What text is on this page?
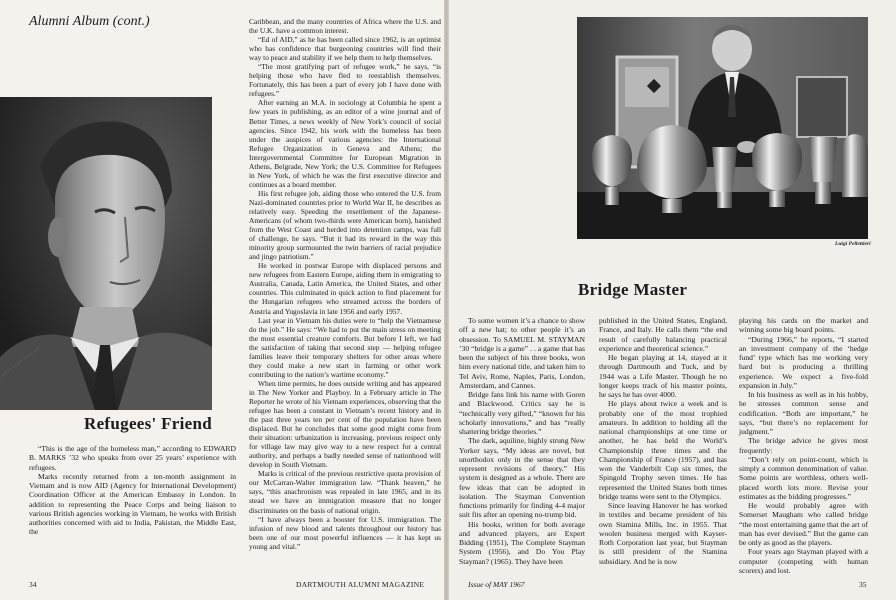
Alumni Album (cont.)
Refugees' Friend

“This is the age of the homeless man,” according to EDWARD B. MARKS ’32 who speaks from over 25 years’ experience with refugees.

Marks recently returned from a ten-month assignment in Vietnam and is now AID (Agency for International Development) Coordination Officer at the American Embassy in London. In addition to representing the Peace Corps and being liaison to various British agencies working in Vietnam, he works with British authorities concerned with aid to India, Pakistan, the Middle East, the

Caribbean, and the many countries of Africa where the U.S. and the U.K. have a common interest.

“Ed of AID,” as he has been called since 1962, is an optimist who has confidence that burgeoning countries will find their way to peace and stability if we help them to help themselves.

“The most gratifying part of refugee work,” he says, “is helping those who have fled to reestablish themselves. Fortunately, this has been a part of every job I have done with refugees.”

After earning an M.A. in sociology at Columbia he spent a few years in publishing, as an editor of a wine journal and of Better Times, a news weekly of New York’s council of social agencies. Since 1942, his work with the homeless has been under the auspices of various agencies: the International Refugee Organization in Geneva and Athens; the Intergovernmental Committee for European Migration in Athens, Belgrade, New York; the U.S. Committee for Refugees in New York, of which he was the first executive director and continues as a board member.

His first refugee job, aiding those who entered the U.S. from Nazi-dominated countries prior to World War II, he describes as relatively easy. Speeding the resettlement of the Japanese-Americans (of whom two-thirds were American born), banished from the West Coast and herded into detention camps, was full of challenge, he says. “But it had its reward in the way this minority group surmounted the twin barriers of racial prejudice and jingo patriotism.”

He worked in postwar Europe with displaced persons and new refugees from Eastern Europe, aiding them in emigrating to Australia, Canada, Latin America, the United States, and other countries. This culminated in quick action to find placement for the Hungarian refugees who streamed across the borders of Austria and Yugoslavia in late 1956 and early 1957.

Last year in Vietnam his duties were to “help the Vietnamese do the job.” He says: “We had to put the main stress on meeting the most essential creature comforts. But before I left, we had the satisfaction of taking that second step — helping refugee families leave their temporary shelters for other areas where they could make a new start in farming or other work contributing to the nation’s wartime economy.”

When time permits, he does outside writing and has appeared in The New Yorker and Playboy. In a February article in The Reporter he wrote of his Vietnam experiences, observing that the refugee has been a constant in Vietnam’s recent history and in the past three years ten per cent of the population have been displaced. But he concludes that some good might come from their situation: urbanization is increasing, previous respect only for village law may give way to a new respect for a central authority, and perhaps a badly needed sense of nationhood will develop in South Vietnam.

Marks is critical of the previous restrictive quota provision of our McCarran-Walter immigration law. “Thank heaven,” he says, “this anachronism was repealed in late 1965, and in its stead we have an immigration measure that no longer discriminates on the basis of national origin.

“I have always been a booster for U.S. immigration. The infusion of new blood and talents throughout our history has been one of our most powerful influences — it has kept us young and vital.”

34	DARTMOUTH ALUMNI MAGAZINE
Luigi Pellettieri
Bridge Master

To some women it’s a chance to show off a new hat; to other people it’s an obsession. To SAMUEL M. STAYMAN ’30 “bridge is a game” . . a game that has been the subject of his three books, won him every national title, and taken him to Tel Aviv, Rome, Naples, Paris, London, Amsterdam, and Cannes.

Bridge fans link his name with Goren and Blackwood. Critics say he is “technically very gifted,” “known for his scholarly innovations,” and has “really shattering bridge theories.”

The dark, aquiline, highly strung New Yorker says, “My ideas are novel, but unorthodox only in the sense that they represent revisions of theory.” His system is designed as a whole. There are few ideas that can be adopted in isolation. The Stayman Convention functions primarily for finding 4-4 major suit fits after an opening no-trump bid.

His books, written for both average and advanced players, are Expert Bidding (1951), The Complete Stayman System (1956), and Do You Play Stayman? (1965). They have been

published in the United States, England, France, and Italy. He calls them “the end result of carefully balancing practical experience and theoretical science.”

He began playing at 14, stayed at it through Dartmouth and Tuck, and by 1944 was a Life Master. Though he no longer keeps track of his master points, he says he has over 4000.

He plays about twice a week and is probably one of the most trophied amateurs. In addition to holding all the national championships at one time or another, he has held the World’s Championship three times and the Championship of France (1957), and has won the Vanderbilt Cup six times, the Spingold Trophy seven times. He has represented the United States both times bridge teams were sent to the Olympics.

Since leaving Hanover he has worked in textiles and became president of his own Stamina Mills, Inc. in 1955. That woolen business merged with Kayser-Roth Corporation last year, but Stayman is still president of the Stamina subsidiary. And he is now

playing his cards on the market and winning some big board points.

“During 1966,” he reports, “I started an investment company of the ‘hedge fund’ type which has me working very hard but is producing a thrilling experience. We expect a five-fold expansion in July.”

In his business as well as in his hobby, he stresses common sense and codification. “Both are important,” he says, “but there’s no replacement for judgment.”

The bridge advice he gives most frequently:

“Don’t rely on point-count, which is simply a common denomination of value. Some points are worthless, others well-placed worth lots more. Revise your estimates as the bidding progresses.”

He would probably agree with Somerset Maugham who called bridge “the most entertaining game that the art of man has ever devised.” But the game can be only as good as the players.

Four years ago Stayman played with a computer (competing with human scorers) and lost.

Issue of MAY 1967	35
